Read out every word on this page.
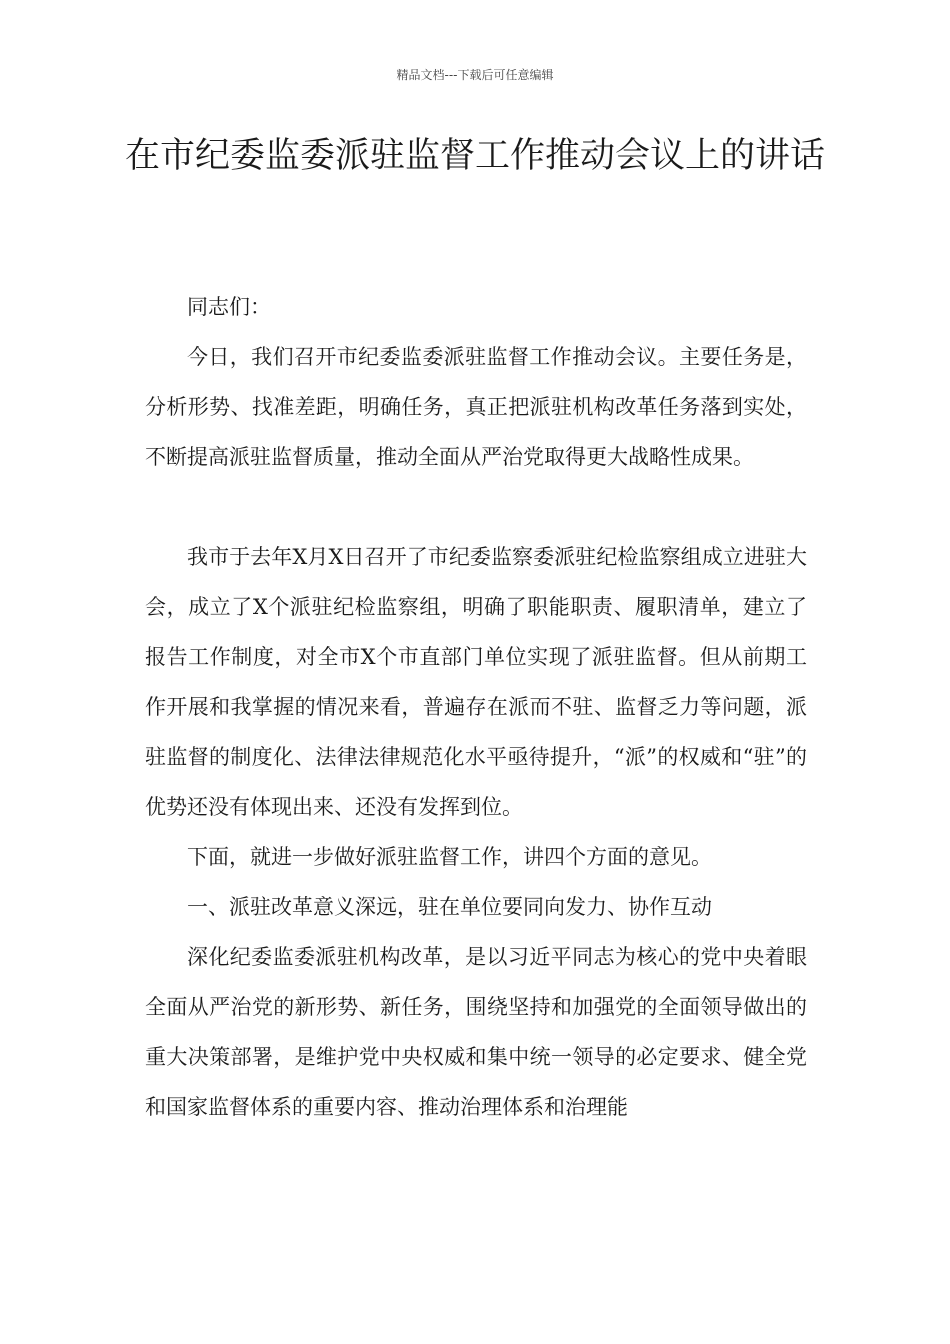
精品文档---下载后可任意编辑
在市纪委监委派驻监督工作推动会议上的讲话

同志们：

今日，我们召开市纪委监委派驻监督工作推动会议。主要任务是，分析形势、找准差距，明确任务，真正把派驻机构改革任务落到实处，不断提高派驻监督质量，推动全面从严治党取得更大战略性成果。

我市于去年X月X日召开了市纪委监察委派驻纪检监察组成立进驻大会，成立了X个派驻纪检监察组，明确了职能职责、履职清单，建立了报告工作制度，对全市X个市直部门单位实现了派驻监督。但从前期工作开展和我掌握的情况来看，普遍存在派而不驻、监督乏力等问题，派驻监督的制度化、法律法律规范化水平亟待提升，“派”的权威和“驻”的优势还没有体现出来、还没有发挥到位。

下面，就进一步做好派驻监督工作，讲四个方面的意见。

一、派驻改革意义深远，驻在单位要同向发力、协作互动

深化纪委监委派驻机构改革，是以习近平同志为核心的党中央着眼全面从严治党的新形势、新任务，围绕坚持和加强党的全面领导做出的重大决策部署，是维护党中央权威和集中统一领导的必定要求、健全党和国家监督体系的重要内容、推动治理体系和治理能
